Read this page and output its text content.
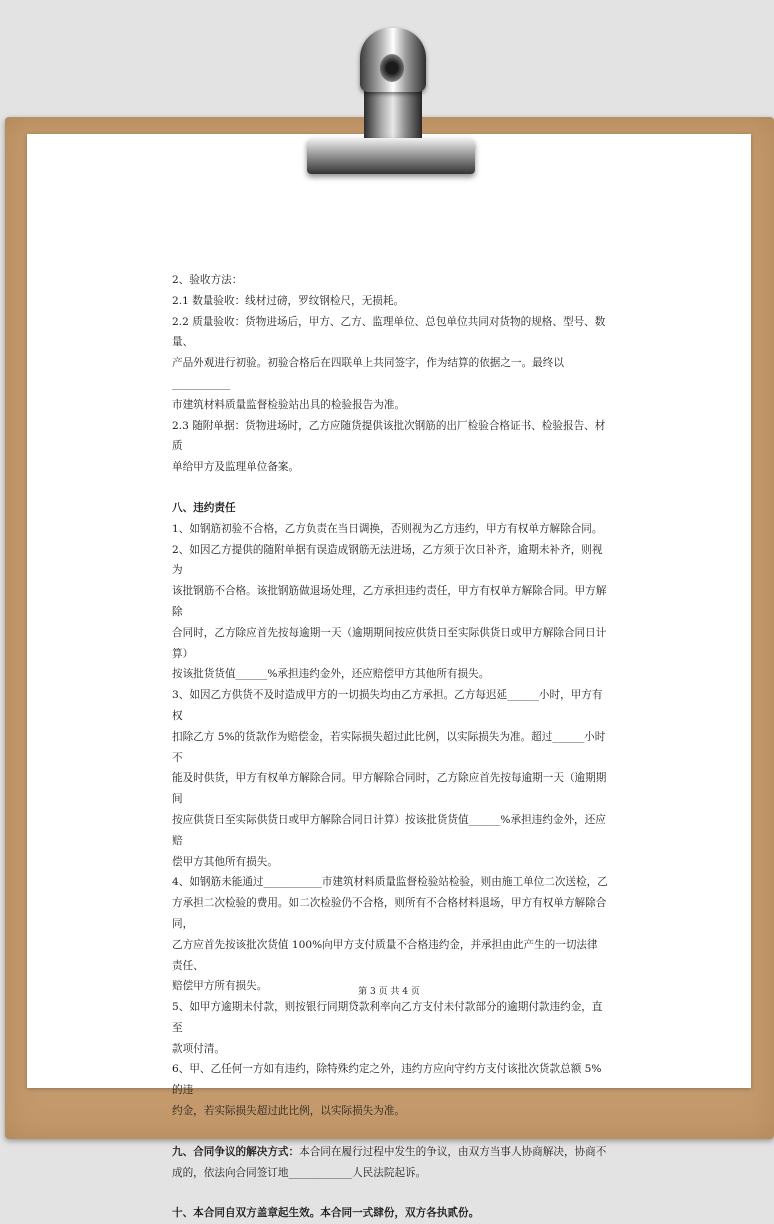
2、验收方法：

2.1 数量验收：线材过磅，罗纹钢检尺，无损耗。

2.2 质量验收：货物进场后，甲方、乙方、监理单位、总包单位共同对货物的规格、型号、数量、

产品外观进行初验。初验合格后在四联单上共同签字，作为结算的依据之一。最终以___________

市建筑材料质量监督检验站出具的检验报告为准。

2.3 随附单据：货物进场时，乙方应随货提供该批次钢筋的出厂检验合格证书、检验报告、材质

单给甲方及监理单位备案。

八、违约责任

1、如钢筋初验不合格，乙方负责在当日调换，否则视为乙方违约，甲方有权单方解除合同。

2、如因乙方提供的随附单据有误造成钢筋无法进场，乙方须于次日补齐，逾期未补齐，则视为

该批钢筋不合格。该批钢筋做退场处理，乙方承担违约责任，甲方有权单方解除合同。甲方解除

合同时，乙方除应首先按每逾期一天（逾期期间按应供货日至实际供货日或甲方解除合同日计算）

按该批货货值______%承担违约金外，还应赔偿甲方其他所有损失。

3、如因乙方供货不及时造成甲方的一切损失均由乙方承担。乙方每迟延______小时，甲方有权

扣除乙方 5%的货款作为赔偿金，若实际损失超过此比例，以实际损失为准。超过______小时不

能及时供货，甲方有权单方解除合同。甲方解除合同时，乙方除应首先按每逾期一天（逾期期间

按应供货日至实际供货日或甲方解除合同日计算）按该批货货值______%承担违约金外，还应赔

偿甲方其他所有损失。

4、如钢筋未能通过___________市建筑材料质量监督检验站检验，则由施工单位二次送检，乙

方承担二次检验的费用。如二次检验仍不合格，则所有不合格材料退场，甲方有权单方解除合同，

乙方应首先按该批次货值 100%向甲方支付质量不合格违约金，并承担由此产生的一切法律责任、

赔偿甲方所有损失。

5、如甲方逾期未付款，则按银行同期贷款利率向乙方支付未付款部分的逾期付款违约金，直至

款项付清。

6、甲、乙任何一方如有违约，除特殊约定之外，违约方应向守约方支付该批次货款总额 5%的违

约金，若实际损失超过此比例，以实际损失为准。

九、合同争议的解决方式：本合同在履行过程中发生的争议，由双方当事人协商解决，协商不

成的，依法向合同签订地____________人民法院起诉。

十、本合同自双方盖章起生效。本合同一式肆份，双方各执贰份。

第 3 页 共 4 页
